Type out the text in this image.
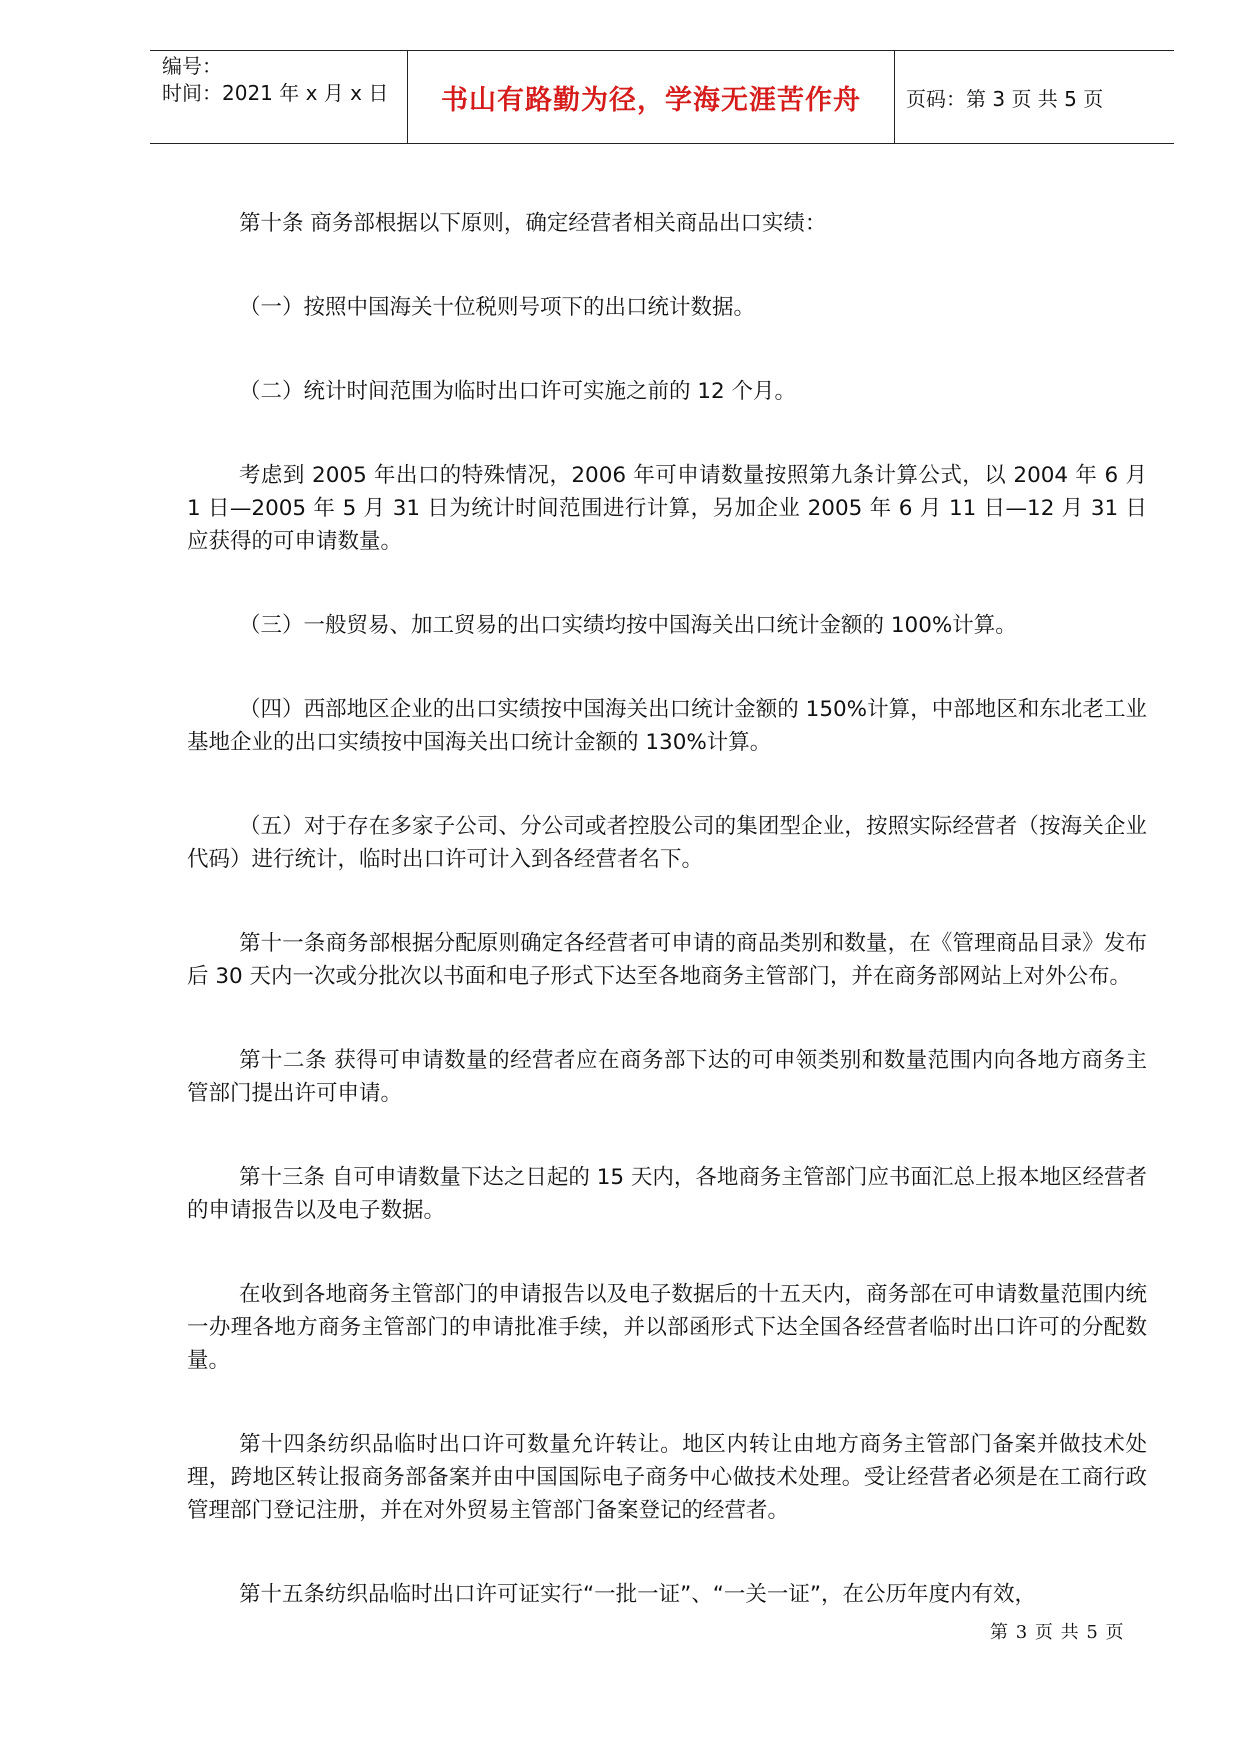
编号：
时间：2021 年 x 月 x 日	书山有路勤为径，学海无涯苦作舟	页码：第 3 页 共 5 页

第十条 商务部根据以下原则，确定经营者相关商品出口实绩：

（一）按照中国海关十位税则号项下的出口统计数据。

（二）统计时间范围为临时出口许可实施之前的 12 个月。

考虑到 2005 年出口的特殊情况，2006 年可申请数量按照第九条计算公式，以 2004 年 6 月 1 日—2005 年 5 月 31 日为统计时间范围进行计算，另加企业 2005 年 6 月 11 日—12 月 31 日应获得的可申请数量。

（三）一般贸易、加工贸易的出口实绩均按中国海关出口统计金额的 100%计算。

（四）西部地区企业的出口实绩按中国海关出口统计金额的 150%计算，中部地区和东北老工业基地企业的出口实绩按中国海关出口统计金额的 130%计算。

（五）对于存在多家子公司、分公司或者控股公司的集团型企业，按照实际经营者（按海关企业代码）进行统计，临时出口许可计入到各经营者名下。

第十一条商务部根据分配原则确定各经营者可申请的商品类别和数量，在《管理商品目录》发布后 30 天内一次或分批次以书面和电子形式下达至各地商务主管部门，并在商务部网站上对外公布。

第十二条 获得可申请数量的经营者应在商务部下达的可申领类别和数量范围内向各地方商务主管部门提出许可申请。

第十三条 自可申请数量下达之日起的 15 天内，各地商务主管部门应书面汇总上报本地区经营者的申请报告以及电子数据。

在收到各地商务主管部门的申请报告以及电子数据后的十五天内，商务部在可申请数量范围内统一办理各地方商务主管部门的申请批准手续，并以部函形式下达全国各经营者临时出口许可的分配数量。

第十四条纺织品临时出口许可数量允许转让。地区内转让由地方商务主管部门备案并做技术处理，跨地区转让报商务部备案并由中国国际电子商务中心做技术处理。受让经营者必须是在工商行政管理部门登记注册，并在对外贸易主管部门备案登记的经营者。

第十五条纺织品临时出口许可证实行“一批一证”、“一关一证”，在公历年度内有效，

第 3 页 共 5 页
